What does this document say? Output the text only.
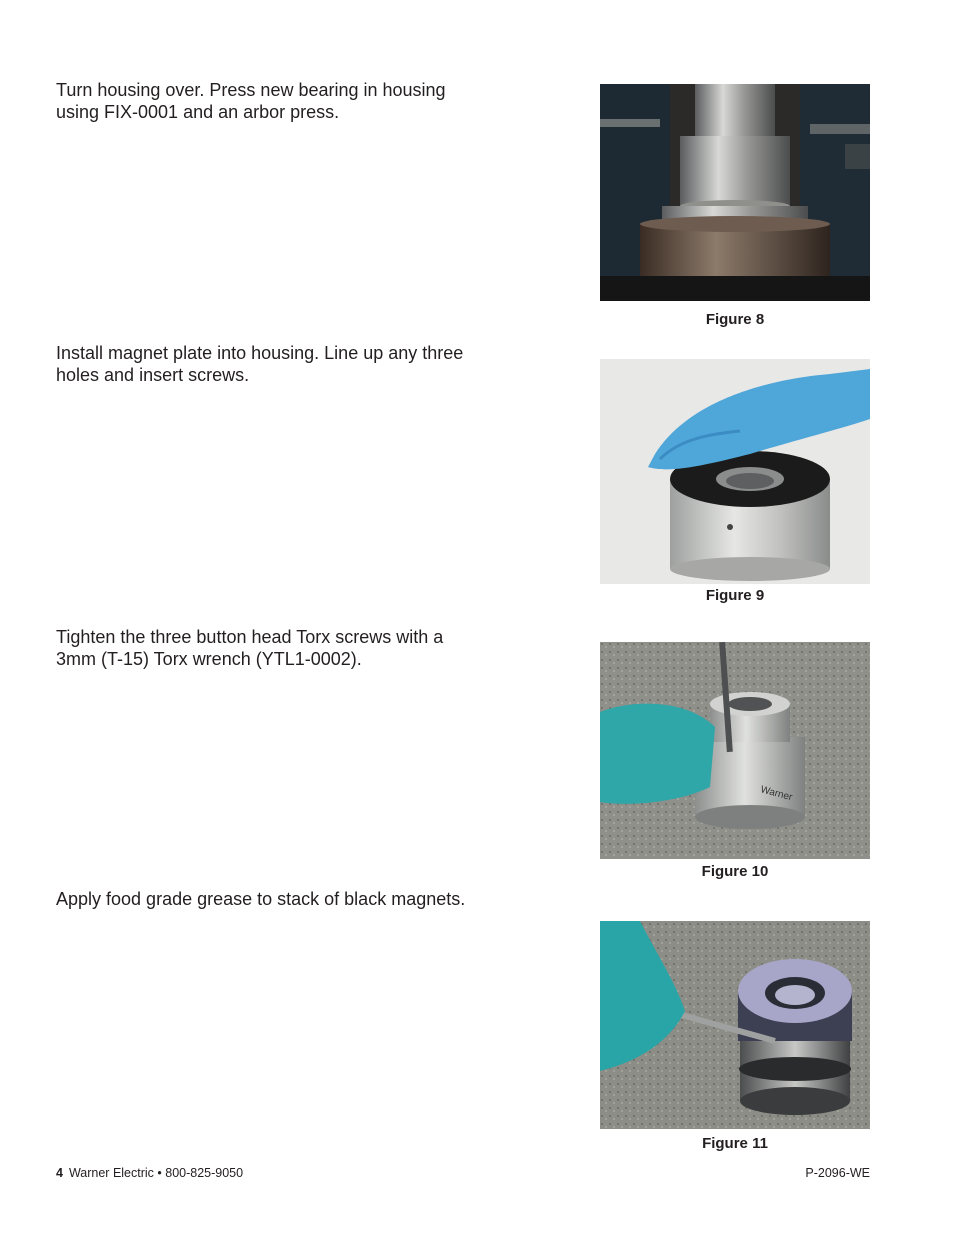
Turn housing over. Press new bearing in housing using FIX-0001 and an arbor press.

Figure 8

Install magnet plate into housing. Line up any three holes and insert screws.

Figure 9

Tighten the three button head Torx screws with a 3mm (T-15) Torx wrench (YTL1-0002).

Warner
Figure 10

Apply food grade grease to stack of black magnets.

Figure 11
4 Warner Electric • 800-825-9050	P-2096-WE
